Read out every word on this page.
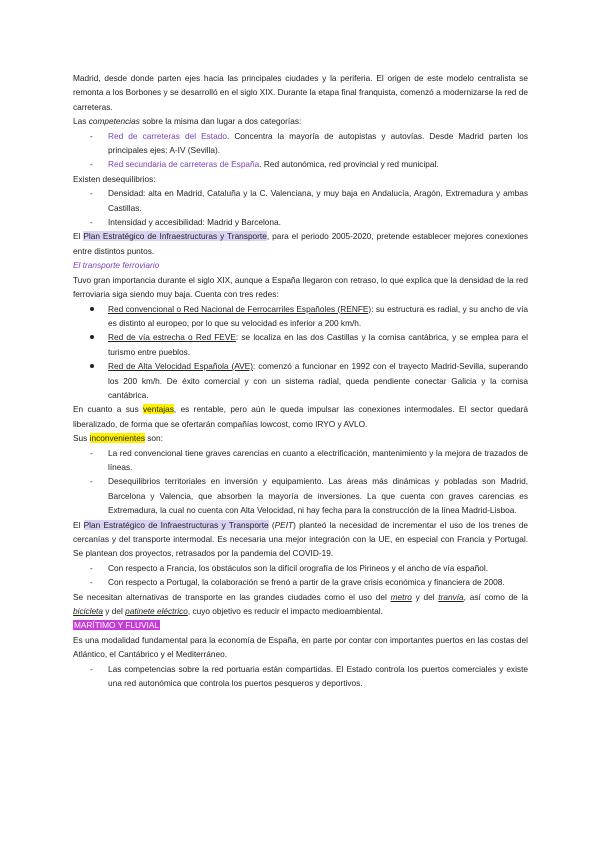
Madrid, desde donde parten ejes hacia las principales ciudades y la periferia. El origen de este modelo centralista se remonta a los Borbones y se desarrolló en el siglo XIX. Durante la etapa final franquista, comenzó a modernizarse la red de carreteras.

Las competencias sobre la misma dan lugar a dos categorías:

- Red de carreteras del Estado. Concentra la mayoría de autopistas y autovías. Desde Madrid parten los principales ejes: A-IV (Sevilla).
- Red secundaria de carreteras de España. Red autonómica, red provincial y red municipal.

Existen desequilibrios:

- Densidad: alta en Madrid, Cataluña y la C. Valenciana, y muy baja en Andalucía, Aragón, Extremadura y ambas Castillas.
- Intensidad y accesibilidad: Madrid y Barcelona.

El Plan Estratégico de Infraestructuras y Transporte, para el periodo 2005-2020, pretende establecer mejores conexiones entre distintos puntos.

El transporte ferroviario

Tuvo gran importancia durante el siglo XIX, aunque a España llegaron con retraso, lo que explica que la densidad de la red ferroviaria siga siendo muy baja. Cuenta con tres redes:

Red convencional o Red Nacional de Ferrocarriles Españoles (RENFE): su estructura es radial, y su ancho de vía es distinto al europeo, por lo que su velocidad es inferior a 200 km/h.
Red de vía estrecha o Red FEVE: se localiza en las dos Castillas y la cornisa cantábrica, y se emplea para el turismo entre pueblos.
Red de Alta Velocidad Española (AVE): comenzó a funcionar en 1992 con el trayecto Madrid-Sevilla, superando los 200 km/h. De éxito comercial y con un sistema radial, queda pendiente conectar Galicia y la cornisa cantábrica.

En cuanto a sus ventajas, es rentable, pero aún le queda impulsar las conexiones intermodales. El sector quedará liberalizado, de forma que se ofertarán compañías lowcost, como IRYO y AVLO.

Sus inconvenientes son:

- La red convencional tiene graves carencias en cuanto a electrificación, mantenimiento y la mejora de trazados de líneas.
- Desequilibrios territoriales en inversión y equipamiento. Las áreas más dinámicas y pobladas son Madrid, Barcelona y Valencia, que absorben la mayoría de inversiones. La que cuenta con graves carencias es Extremadura, la cual no cuenta con Alta Velocidad, ni hay fecha para la construcción de la línea Madrid-Lisboa.

El Plan Estratégico de Infraestructuras y Transporte (PEIT) planteó la necesidad de incrementar el uso de los trenes de cercanías y del transporte intermodal. Es necesaria una mejor integración con la UE, en especial con Francia y Portugal. Se plantean dos proyectos, retrasados por la pandemia del COVID-19.

- Con respecto a Francia, los obstáculos son la difícil orografía de los Pirineos y el ancho de vía español.
- Con respecto a Portugal, la colaboración se frenó a partir de la grave crisis económica y financiera de 2008.

Se necesitan alternativas de transporte en las grandes ciudades como el uso del metro y del tranvía, así como de la bicicleta y del patinete eléctrico, cuyo objetivo es reducir el impacto medioambiental.

MARÍTIMO Y FLUVIAL

Es una modalidad fundamental para la economía de España, en parte por contar con importantes puertos en las costas del Atlántico, el Cantábrico y el Mediterráneo.

- Las competencias sobre la red portuaria están compartidas. El Estado controla los puertos comerciales y existe una red autonómica que controla los puertos pesqueros y deportivos.
